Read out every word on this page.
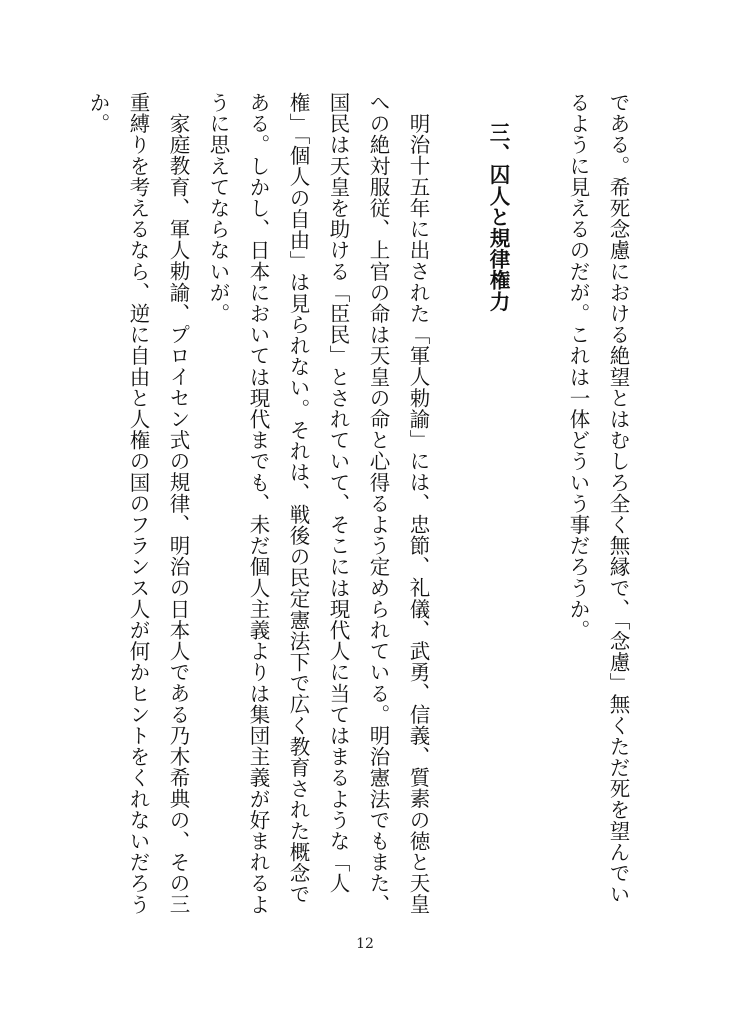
である。希死念慮における絶望とはむしろ全く無縁で、「念慮」無くただ死を望んでいるように見えるのだが。これは一体どういう事だろうか。

三、囚人と規律権力

明治十五年に出された「軍人勅諭」には、忠節、礼儀、武勇、信義、質素の徳と天皇への絶対服従、上官の命は天皇の命と心得るよう定められている。明治憲法でもまた、国民は天皇を助ける「臣民」とされていて、そこには現代人に当てはまるような「人権」「個人の自由」は見られない。それは、戦後の民定憲法下で広く教育された概念である。しかし、日本においては現代までも、未だ個人主義よりは集団主義が好まれるように思えてならないが。

家庭教育、軍人勅諭、プロイセン式の規律、明治の日本人である乃木希典の、その三重縛りを考えるなら、逆に自由と人権の国のフランス人が何かヒントをくれないだろうか。

12
